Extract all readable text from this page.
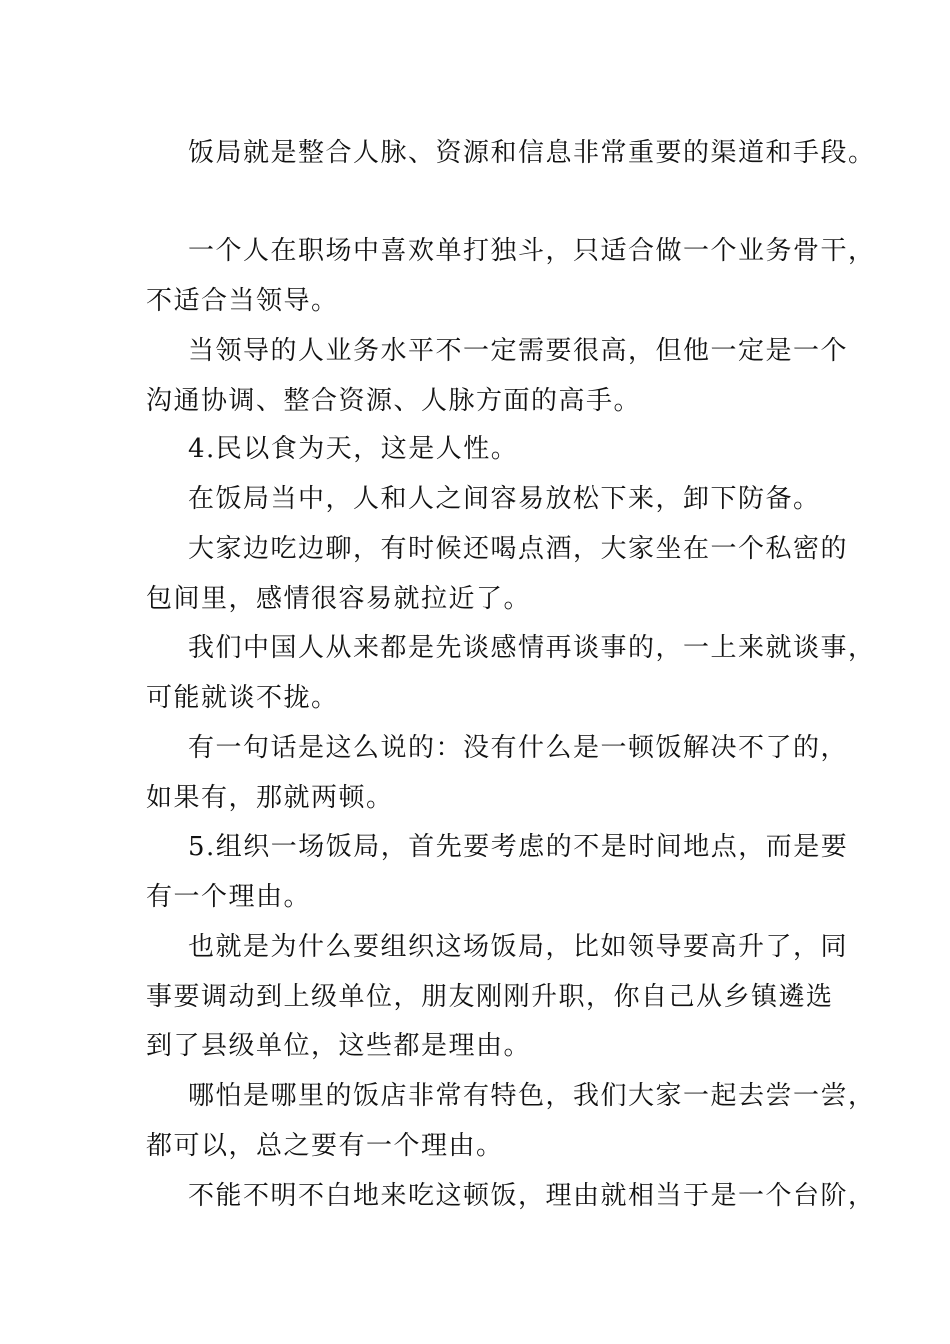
饭局就是整合人脉、资源和信息非常重要的渠道和手段。
一个人在职场中喜欢单打独斗，只适合做一个业务骨干，
不适合当领导。
当领导的人业务水平不一定需要很高，但他一定是一个
沟通协调、整合资源、人脉方面的高手。
4.民以食为天，这是人性。
在饭局当中，人和人之间容易放松下来，卸下防备。
大家边吃边聊，有时候还喝点酒，大家坐在一个私密的
包间里，感情很容易就拉近了。
我们中国人从来都是先谈感情再谈事的，一上来就谈事，
可能就谈不拢。
有一句话是这么说的：没有什么是一顿饭解决不了的，
如果有，那就两顿。
5.组织一场饭局，首先要考虑的不是时间地点，而是要
有一个理由。
也就是为什么要组织这场饭局，比如领导要高升了，同
事要调动到上级单位，朋友刚刚升职，你自己从乡镇遴选
到了县级单位，这些都是理由。
哪怕是哪里的饭店非常有特色，我们大家一起去尝一尝，
都可以，总之要有一个理由。
不能不明不白地来吃这顿饭，理由就相当于是一个台阶，
